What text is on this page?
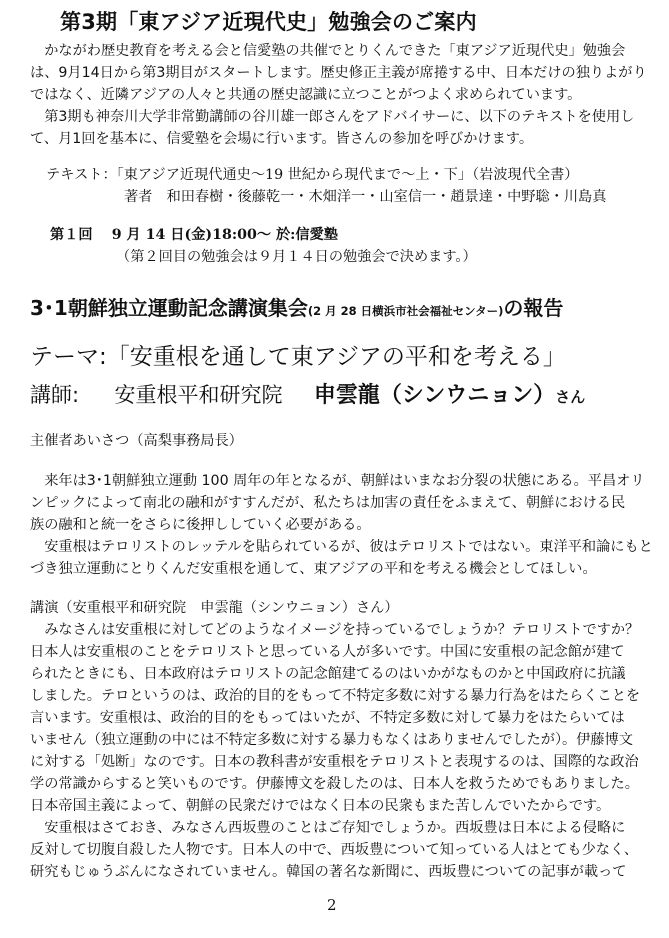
第3期「東アジア近現代史」勉強会のご案内
　かながわ歴史教育を考える会と信愛塾の共催でとりくんできた「東アジア近現代史」勉強会
は、9月14日から第3期目がスタートします。歴史修正主義が席捲する中、日本だけの独りよがり
ではなく、近隣アジアの人々と共通の歴史認識に立つことがつよく求められています。
　第3期も神奈川大学非常勤講師の谷川雄一郎さんをアドバイサーに、以下のテキストを使用し
て、月1回を基本に、信愛塾を会場に行います。皆さんの参加を呼びかけます。
テキスト：「東アジア近現代通史～19 世紀から現代まで～上・下」（岩波現代全書）
著者　和田春樹・後藤乾一・木畑洋一・山室信一・趙景達・中野聡・川島真
第１回　 9 月 14 日(金)18:00～ 於:信愛塾
（第２回目の勉強会は９月１４日の勉強会で決めます。）
3･1朝鮮独立運動記念講演集会(2 月 28 日横浜市社会福祉センター)の報告
テーマ:「安重根を通して東アジアの平和を考える」
講師: 安重根平和研究院 申雲龍（シンウニョン）さん
主催者あいさつ（高梨事務局長）
　来年は3･1朝鮮独立運動 100 周年の年となるが、朝鮮はいまなお分裂の状態にある。平昌オリ
ンピックによって南北の融和がすすんだが、私たちは加害の責任をふまえて、朝鮮における民
族の融和と統一をさらに後押ししていく必要がある。
　安重根はテロリストのレッテルを貼られているが、彼はテロリストではない。東洋平和論にもと
づき独立運動にとりくんだ安重根を通して、東アジアの平和を考える機会としてほしい。
講演（安重根平和研究院　申雲龍（シンウニョン）さん）
　みなさんは安重根に対してどのようなイメージを持っているでしょうか？テロリストですか？
日本人は安重根のことをテロリストと思っている人が多いです。中国に安重根の記念館が建て
られたときにも、日本政府はテロリストの記念館建てるのはいかがなものかと中国政府に抗議
しました。テロというのは、政治的目的をもって不特定多数に対する暴力行為をはたらくことを
言います。安重根は、政治的目的をもってはいたが、不特定多数に対して暴力をはたらいては
いません（独立運動の中には不特定多数に対する暴力もなくはありませんでしたが）。伊藤博文
に対する「処断」なのです。日本の教科書が安重根をテロリストと表現するのは、国際的な政治
学の常識からすると笑いものです。伊藤博文を殺したのは、日本人を救うためでもありました。
日本帝国主義によって、朝鮮の民衆だけではなく日本の民衆もまた苦しんでいたからです。
　安重根はさておき、みなさん西坂豊のことはご存知でしょうか。西坂豊は日本による侵略に
反対して切腹自殺した人物です。日本人の中で、西坂豊について知っている人はとても少なく、
研究もじゅうぶんになされていません。韓国の著名な新聞に、西坂豊についての記事が載って
2
